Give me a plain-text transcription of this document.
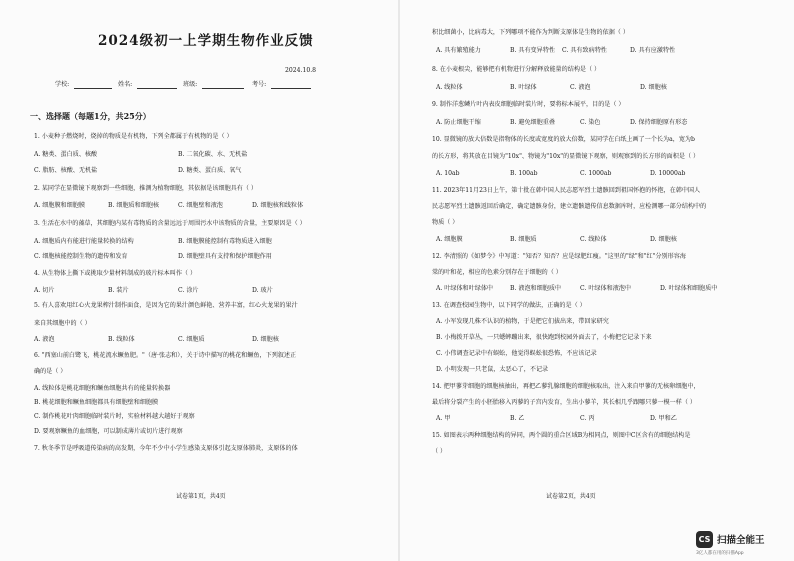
2024级初一上学期生物作业反馈
2024.10.8
学校:	姓名:	班级:	考号:
一、选择题（每题1分，共25分）
1. 小麦种子燃烧时，烧掉的物质是有机物，下列全都属于有机物的是（ ）
A. 糖类、蛋白质、核酸	B. 二氧化碳、水、无机盐
C. 脂肪、核酸、无机盐	D. 糖类、蛋白质、氧气
2. 某同学在显微镜下观察到一些细胞，推测为植物细胞，其依据是该细胞具有（ ）
A. 细胞膜和细胞膜	B. 细胞质和细胞核	C. 细胞壁和液泡	D. 细胞核和线粒体
3. 生活在水中的藻草，其细胞内某有毒物质的含量远远于周围污水中该物质的含量，主要原因是（ ）
A. 细胞质内有能进行能量转换的结构	B. 细胞膜能控制有毒物质进入细胞
C. 细胞核能控制生物的遗传和发育	D. 细胞壁具有支持和保护细胞作用
4. 从生物体上撕下或挑取少量材料制成的玻片标本叫作（ ）
A. 切片	B. 装片	C. 涂片	D. 玻片
5. 有人喜欢用红心火龙果榨汁制作面食，是因为它的果汁颜色鲜艳、营养丰富，红心火龙果的果汁
来自其细胞中的（ ）
A. 液泡	B. 线粒体	C. 细胞质	D. 细胞核
6. "西塞山前白鹭飞，桃花流水鳜鱼肥。"（唐·张志和），关于诗中描写的桃花和鳜鱼，下列叙述正
确的是（ ）
A. 线粒体是桃花细胞和鳜鱼细胞共有的能量转换器
B. 桃花细胞和鳜鱼细胞都具有细胞壁和细胞膜
C. 制作桃花叶肉细胞临时装片时，实验材料越大越好于观察
D. 要观察鳜鱼的血细胞，可以制成薄片或切片进行观察
7. 秋冬季节是呼吸道传染病的高发期，今年不少中小学生感染支原体引起支原体肺炎，支原体的体
试卷第1页，共4页
积比细菌小，比病毒大，下列哪项不能作为判断支原体是生物的依据（ ）
A. 具有繁殖能力	B. 具有变异特性 C. 具有致病特性	D. 具有应激特性
8. 在小麦根尖，能够把有机物进行分解释放能量的结构是（ ）
A. 线粒体	B. 叶绿体	C. 液泡	D. 细胞核
9. 制作洋葱鳞片叶内表皮细胞临时装片时，要将标本展平，目的是（ ）
A. 防止细胞干缩	B. 避免细胞重叠	C. 染色	D. 保持细胞原有形态
10. 显微镜的放大倍数是指物体的长度或宽度的放大倍数，某同学在白纸上画了一个长为a，宽为b
的长方形，将其放在目镜为"10x"、物镜为"10x"的显微镜下观察，则观察到的长方形的面积是（ ）
A. 10ab	B. 100ab	C. 1000ab	D. 10000ab
11. 2023年11月23日上午，第十批在韩中国人民志愿军烈士遗骸回到祖国怀抱的怀抱，在韩中国人
民志愿军烈士遗骸返回后确定，确定遗骸身份，建立遗骸遗传信息数据库时，应检测哪一部分结构中的
物质（ ）
A. 细胞膜	B. 细胞质	C. 线粒体	D. 细胞核
12. 李清照的《如梦令》中写道："知否？知否？应是绿肥红瘦。"这里的"绿"和"红"分别形容海
棠的叶和花，相应的色素分别存在于细胞的（ ）
A. 叶绿体和叶绿体中	B. 液泡和细胞质中	C. 叶绿体和液泡中	D. 叶绿体和细胞质中
13. 在调查校园生物中，以下同学的做法，正确的是（ ）
A. 小军发现几株不认识的植物，于是把它们拔出来，带回家研究
B. 小梅拨开草丛，一只蟋蟀蹦出来，很快跑到校园外面去了，小梅把它记录下来
C. 小伟调查记录中有蜈蚣，他觉得蜈蚣很恐怖，不应该记录
D. 小明发现一只老鼠，太恶心了，不记录
14. 把甲蓼芽细胞的细胞核抽出，再把乙蓼乳腺细胞的细胞核取出，注入来自甲蓼的无核卵细胞中，
最后将分裂产生的小胚胎移入丙蓼的子宫内发育，生出小蓼羊，其长相几乎跟哪只蓼一模一样（ ）
A. 甲	B. 乙	C. 丙	D. 甲和乙
15. 如图表示两种细胞结构的异同，两个圆的重合区域B为相同点，则图中C区含有的细胞结构是
（ ）
试卷第2页，共4页
CS 扫描全能王
3亿人都在用的扫描App
